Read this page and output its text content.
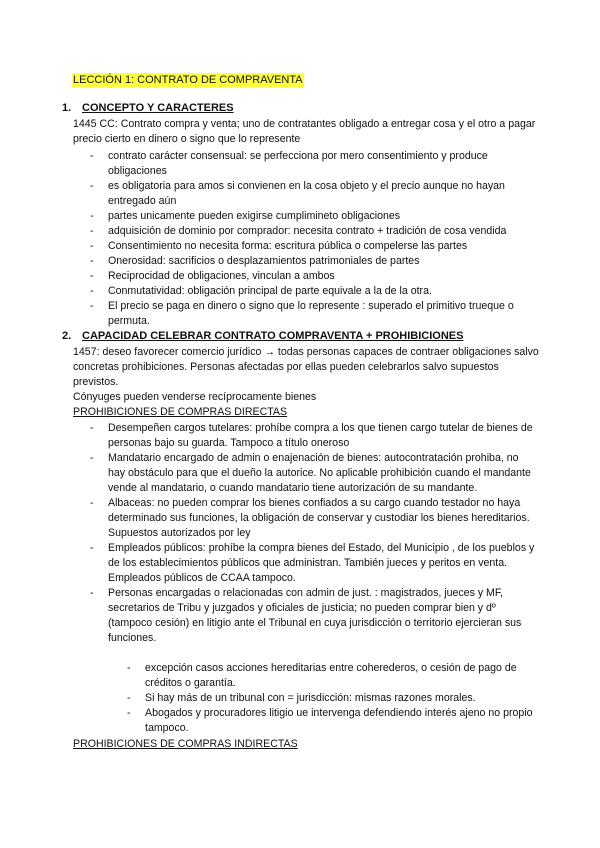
LECCIÓN 1: CONTRATO DE COMPRAVENTA
1. CONCEPTO Y CARACTERES
1445 CC: Contrato compra y venta; uno de contratantes obligado a entregar cosa y el otro a pagar precio cierto en dinero o signo que lo represente
- contrato carácter consensual: se perfecciona por mero consentimiento y produce obligaciones
- es obligatoria para amos si convienen en la cosa objeto y el precio aunque no hayan entregado aún
- partes unicamente pueden exigirse cumplimineto obligaciones
- adquisición de dominio por comprador: necesita contrato + tradición de cosa vendida
- Consentimiento no necesita forma: escritura pública o compelerse las partes
- Onerosidad: sacrificios o desplazamientos patrimoniales de partes
- Reciprocidad de obligaciones, vinculan a ambos
- Conmutatividad: obligación principal de parte equivale a la de la otra.
- El precio se paga en dinero o signo que lo represente : superado el primitivo trueque o permuta.
2. CAPACIDAD CELEBRAR CONTRATO COMPRAVENTA + PROHIBICIONES
1457: deseo favorecer comercio jurídico → todas personas capaces de contraer obligaciones salvo concretas prohibiciones. Personas afectadas por ellas pueden celebrarlos salvo supuestos previstos.
Cónyuges pueden venderse recíprocamente bienes
PROHIBICIONES DE COMPRAS DIRECTAS
- Desempeñen cargos tutelares: prohíbe compra a los que tienen cargo tutelar de bienes de personas bajo su guarda. Tampoco a título oneroso
- Mandatario encargado de admin o enajenación de bienes: autocontratación prohiba, no hay obstáculo para que el dueño la autorice. No aplicable prohibición cuando el mandante vende al mandatario, o cuando mandatario tiene autorización de su mandante.
- Albaceas: no pueden comprar los bienes confiados a su cargo cuando testador no haya determinado sus funciones, la obligación de conservar y custodiar los bienes hereditarios. Supuestos autorizados por ley
- Empleados públicos: prohíbe la compra bienes del Estado, del Municipio , de los pueblos y de los establecimientos públicos que administran. También jueces y peritos en venta. Empleados públicos de CCAA tampoco.
- Personas encargadas o relacionadas con admin de just. : magistrados, jueces y MF, secretarios de Tribu y juzgados y oficiales de justicia; no pueden comprar bien y dº (tampoco cesión) en litigio ante el Tribunal en cuya jurisdicción o territorio ejercieran sus funciones.
- excepción casos acciones hereditarias entre coherederos, o cesión de pago de créditos o garantía.
- Si hay más de un tribunal con = jurisdicción: mismas razones morales.
- Abogados y procuradores litigio ue intervenga defendiendo interés ajeno no propio tampoco.
PROHIBICIONES DE COMPRAS INDIRECTAS
